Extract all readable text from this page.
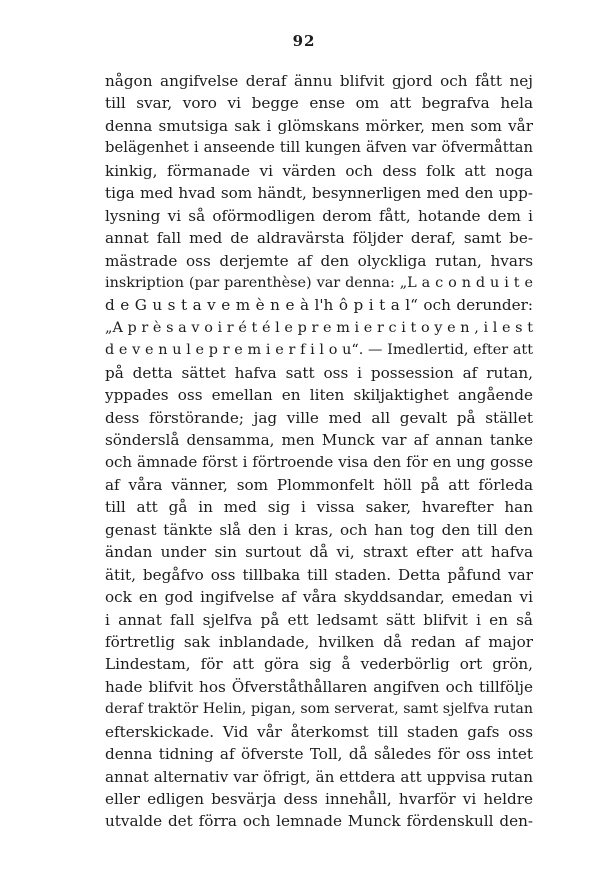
92
någon angifvelse deraf ännu blifvit gjord och fått nej
till svar, voro vi begge ense om att begrafva hela
denna smutsiga sak i glömskans mörker, men som vår
belägenhet i anseende till kungen äfven var öfvermåttan
kinkig, förmanade vi värden och dess folk att noga
tiga med hvad som händt, besynnerligen med den upp-
lysning vi så oförmodligen derom fått, hotande dem i
annat fall med de aldravärsta följder deraf, samt be-
mästrade oss derjemte af den olyckliga rutan, hvars
inskription (par parenthèse) var denna: „L a c o n d u i t e
d e G u s t a v e m è n e à l'h ô p i t a l“ och derunder:
„A p r è s a v o i r é t é l e p r e m i e r c i t o y e n , i l e s t
d e v e n u l e p r e m i e r f i l o u“. — Imedlertid, efter att
på detta sättet hafva satt oss i possession af rutan,
yppades oss emellan en liten skiljaktighet angående
dess förstörande; jag ville med all gevalt på stället
sönderslå densamma, men Munck var af annan tanke
och ämnade först i förtroende visa den för en ung gosse
af våra vänner, som Plommonfelt höll på att förleda
till att gå in med sig i vissa saker, hvarefter han
genast tänkte slå den i kras, och han tog den till den
ändan under sin surtout då vi, straxt efter att hafva
ätit, begåfvo oss tillbaka till staden. Detta påfund var
ock en god ingifvelse af våra skyddsandar, emedan vi
i annat fall sjelfva på ett ledsamt sätt blifvit i en så
förtretlig sak inblandade, hvilken då redan af major
Lindestam, för att göra sig å vederbörlig ort grön,
hade blifvit hos Öfverståthållaren angifven och tillfölje
deraf traktör Helin, pigan, som serverat, samt sjelfva rutan
efterskickade. Vid vår återkomst till staden gafs oss
denna tidning af öfverste Toll, då således för oss intet
annat alternativ var öfrigt, än ettdera att uppvisa rutan
eller edligen besvärja dess innehåll, hvarför vi heldre
utvalde det förra och lemnade Munck fördenskull den-
